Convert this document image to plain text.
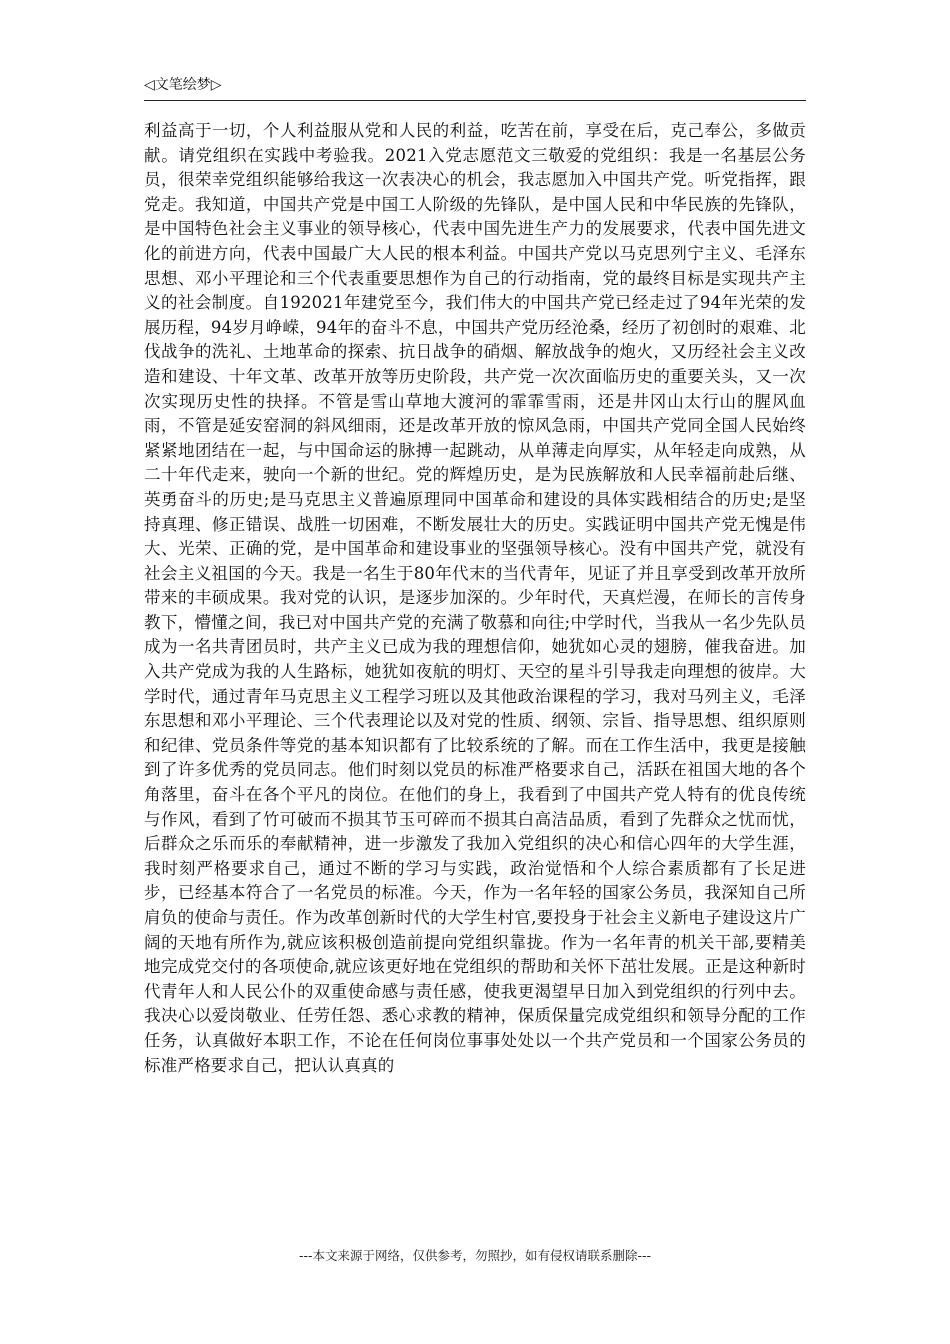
◁文笔绘梦▷

利益高于一切，个人利益服从党和人民的利益，吃苦在前，享受在后，克己奉公，多做贡献。请党组织在实践中考验我。2021入党志愿范文三敬爱的党组织：我是一名基层公务员，很荣幸党组织能够给我这一次表决心的机会，我志愿加入中国共产党。听党指挥，跟党走。我知道，中国共产党是中国工人阶级的先锋队，是中国人民和中华民族的先锋队，是中国特色社会主义事业的领导核心，代表中国先进生产力的发展要求，代表中国先进文化的前进方向，代表中国最广大人民的根本利益。中国共产党以马克思列宁主义、毛泽东思想、邓小平理论和三个代表重要思想作为自己的行动指南，党的最终目标是实现共产主义的社会制度。自192021年建党至今，我们伟大的中国共产党已经走过了94年光荣的发展历程，94岁月峥嵘，94年的奋斗不息，中国共产党历经沧桑，经历了初创时的艰难、北伐战争的洗礼、土地革命的探索、抗日战争的硝烟、解放战争的炮火，又历经社会主义改造和建设、十年文革、改革开放等历史阶段，共产党一次次面临历史的重要关头，又一次次实现历史性的抉择。不管是雪山草地大渡河的霏霏雪雨，还是井冈山太行山的腥风血雨，不管是延安窑洞的斜风细雨，还是改革开放的惊风急雨，中国共产党同全国人民始终紧紧地团结在一起，与中国命运的脉搏一起跳动，从单薄走向厚实，从年轻走向成熟，从二十年代走来，驶向一个新的世纪。党的辉煌历史，是为民族解放和人民幸福前赴后继、英勇奋斗的历史;是马克思主义普遍原理同中国革命和建设的具体实践相结合的历史;是坚持真理、修正错误、战胜一切困难，不断发展壮大的历史。实践证明中国共产党无愧是伟大、光荣、正确的党，是中国革命和建设事业的坚强领导核心。没有中国共产党，就没有社会主义祖国的今天。我是一名生于80年代末的当代青年，见证了并且享受到改革开放所带来的丰硕成果。我对党的认识，是逐步加深的。少年时代，天真烂漫，在师长的言传身教下，懵懂之间，我已对中国共产党的充满了敬慕和向往;中学时代，当我从一名少先队员成为一名共青团员时，共产主义已成为我的理想信仰，她犹如心灵的翅膀，催我奋进。加入共产党成为我的人生路标，她犹如夜航的明灯、天空的星斗引导我走向理想的彼岸。大学时代，通过青年马克思主义工程学习班以及其他政治课程的学习，我对马列主义，毛泽东思想和邓小平理论、三个代表理论以及对党的性质、纲领、宗旨、指导思想、组织原则和纪律、党员条件等党的基本知识都有了比较系统的了解。而在工作生活中，我更是接触到了许多优秀的党员同志。他们时刻以党员的标准严格要求自己，活跃在祖国大地的各个角落里，奋斗在各个平凡的岗位。在他们的身上，我看到了中国共产党人特有的优良传统与作风，看到了竹可破而不损其节玉可碎而不损其白高洁品质，看到了先群众之忧而忧，后群众之乐而乐的奉献精神，进一步激发了我加入党组织的决心和信心四年的大学生涯，我时刻严格要求自己，通过不断的学习与实践，政治觉悟和个人综合素质都有了长足进步，已经基本符合了一名党员的标准。今天，作为一名年轻的国家公务员，我深知自己所肩负的使命与责任。作为改革创新时代的大学生村官,要投身于社会主义新电子建设这片广阔的天地有所作为,就应该积极创造前提向党组织靠拢。作为一名年青的机关干部,要精美地完成党交付的各项使命,就应该更好地在党组织的帮助和关怀下茁壮发展。正是这种新时代青年人和人民公仆的双重使命感与责任感，使我更渴望早日加入到党组织的行列中去。我决心以爱岗敬业、任劳任怨、悉心求教的精神，保质保量完成党组织和领导分配的工作任务，认真做好本职工作，不论在任何岗位事事处处以一个共产党员和一个国家公务员的标准严格要求自己，把认认真真的

---本文来源于网络，仅供参考，勿照抄，如有侵权请联系删除---
